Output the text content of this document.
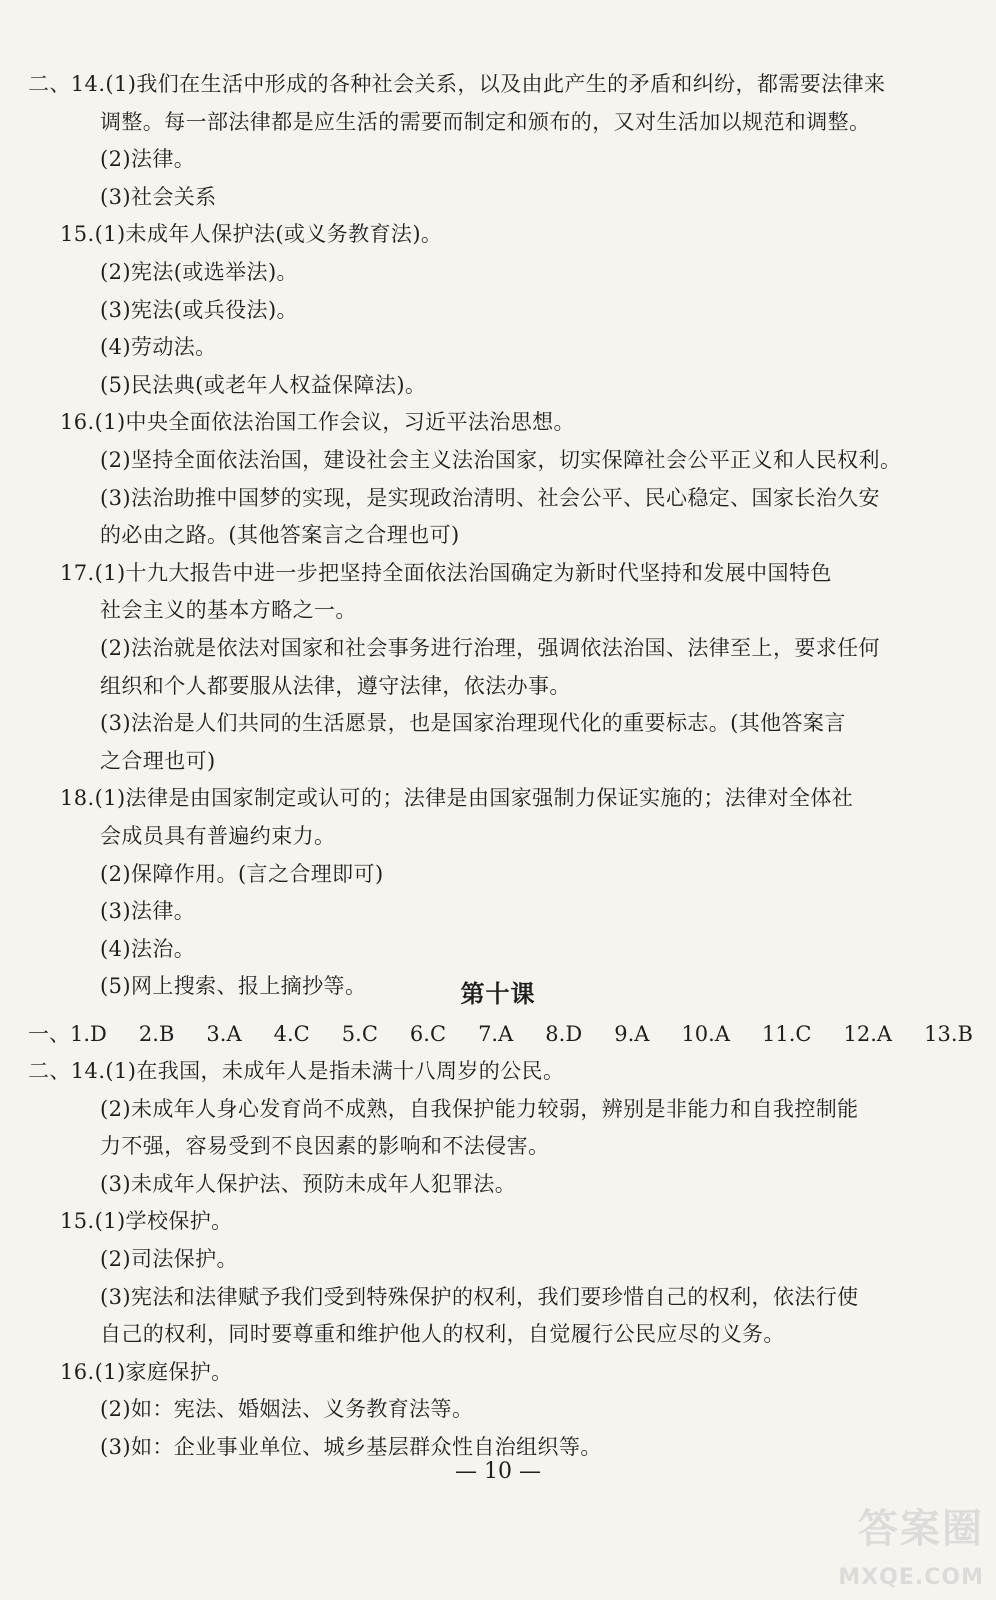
二、14.(1)我们在生活中形成的各种社会关系，以及由此产生的矛盾和纠纷，都需要法律来
调整。每一部法律都是应生活的需要而制定和颁布的，又对生活加以规范和调整。
(2)法律。
(3)社会关系
15.(1)未成年人保护法(或义务教育法)。
(2)宪法(或选举法)。
(3)宪法(或兵役法)。
(4)劳动法。
(5)民法典(或老年人权益保障法)。
16.(1)中央全面依法治国工作会议，习近平法治思想。
(2)坚持全面依法治国，建设社会主义法治国家，切实保障社会公平正义和人民权利。
(3)法治助推中国梦的实现，是实现政治清明、社会公平、民心稳定、国家长治久安
的必由之路。(其他答案言之合理也可)
17.(1)十九大报告中进一步把坚持全面依法治国确定为新时代坚持和发展中国特色
社会主义的基本方略之一。
(2)法治就是依法对国家和社会事务进行治理，强调依法治国、法律至上，要求任何
组织和个人都要服从法律，遵守法律，依法办事。
(3)法治是人们共同的生活愿景，也是国家治理现代化的重要标志。(其他答案言
之合理也可)
18.(1)法律是由国家制定或认可的；法律是由国家强制力保证实施的；法律对全体社
会成员具有普遍约束力。
(2)保障作用。(言之合理即可)
(3)法律。
(4)法治。
(5)网上搜索、报上摘抄等。	第十课
一、1.D 2.B 3.A 4.C 5.C 6.C 7.A 8.D 9.A 10.A 11.C 12.A 13.B
二、14.(1)在我国，未成年人是指未满十八周岁的公民。
(2)未成年人身心发育尚不成熟，自我保护能力较弱，辨别是非能力和自我控制能
力不强，容易受到不良因素的影响和不法侵害。
(3)未成年人保护法、预防未成年人犯罪法。
15.(1)学校保护。
(2)司法保护。
(3)宪法和法律赋予我们受到特殊保护的权利，我们要珍惜自己的权利，依法行使
自己的权利，同时要尊重和维护他人的权利，自觉履行公民应尽的义务。
16.(1)家庭保护。
(2)如：宪法、婚姻法、义务教育法等。
(3)如：企业事业单位、城乡基层群众性自治组织等。
— 10 —
答案圈
MXQE.COM
